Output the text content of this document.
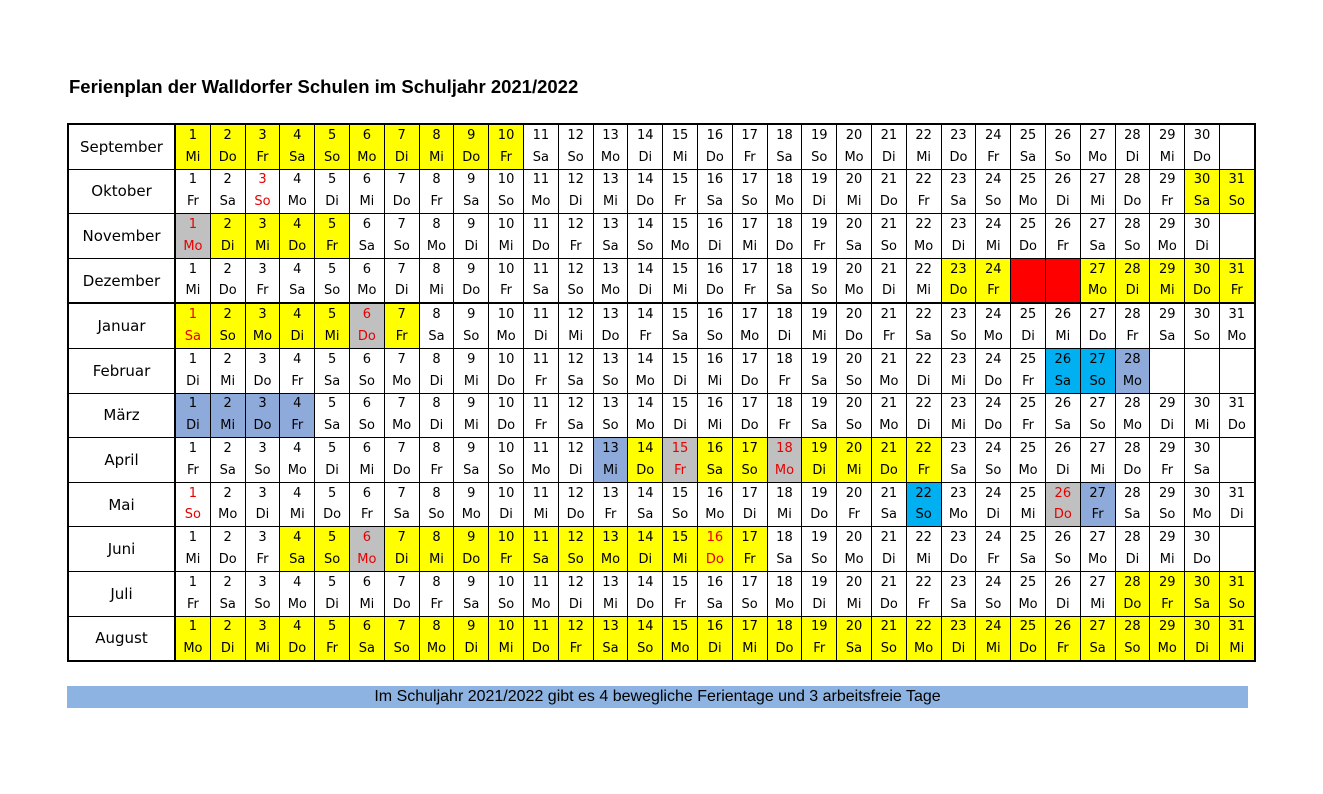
Ferienplan der Walldorfer Schulen im Schuljahr 2021/2022
September	1	2	3	4	5	6	7	8	9	10	11	12	13	14	15	16	17	18	19	20	21	22	23	24	25	26	27	28	29	30	
	Mi	Do	Fr	Sa	So	Mo	Di	Mi	Do	Fr	Sa	So	Mo	Di	Mi	Do	Fr	Sa	So	Mo	Di	Mi	Do	Fr	Sa	So	Mo	Di	Mi	Do	
Oktober	1	2	3	4	5	6	7	8	9	10	11	12	13	14	15	16	17	18	19	20	21	22	23	24	25	26	27	28	29	30	31
	Fr	Sa	So	Mo	Di	Mi	Do	Fr	Sa	So	Mo	Di	Mi	Do	Fr	Sa	So	Mo	Di	Mi	Do	Fr	Sa	So	Mo	Di	Mi	Do	Fr	Sa	So
November	1	2	3	4	5	6	7	8	9	10	11	12	13	14	15	16	17	18	19	20	21	22	23	24	25	26	27	28	29	30	
	Mo	Di	Mi	Do	Fr	Sa	So	Mo	Di	Mi	Do	Fr	Sa	So	Mo	Di	Mi	Do	Fr	Sa	So	Mo	Di	Mi	Do	Fr	Sa	So	Mo	Di	
Dezember	1	2	3	4	5	6	7	8	9	10	11	12	13	14	15	16	17	18	19	20	21	22	23	24			27	28	29	30	31
	Mi	Do	Fr	Sa	So	Mo	Di	Mi	Do	Fr	Sa	So	Mo	Di	Mi	Do	Fr	Sa	So	Mo	Di	Mi	Do	Fr			Mo	Di	Mi	Do	Fr
Januar	1	2	3	4	5	6	7	8	9	10	11	12	13	14	15	16	17	18	19	20	21	22	23	24	25	26	27	28	29	30	31
	Sa	So	Mo	Di	Mi	Do	Fr	Sa	So	Mo	Di	Mi	Do	Fr	Sa	So	Mo	Di	Mi	Do	Fr	Sa	So	Mo	Di	Mi	Do	Fr	Sa	So	Mo
Februar	1	2	3	4	5	6	7	8	9	10	11	12	13	14	15	16	17	18	19	20	21	22	23	24	25	26	27	28			
	Di	Mi	Do	Fr	Sa	So	Mo	Di	Mi	Do	Fr	Sa	So	Mo	Di	Mi	Do	Fr	Sa	So	Mo	Di	Mi	Do	Fr	Sa	So	Mo			
März	1	2	3	4	5	6	7	8	9	10	11	12	13	14	15	16	17	18	19	20	21	22	23	24	25	26	27	28	29	30	31
	Di	Mi	Do	Fr	Sa	So	Mo	Di	Mi	Do	Fr	Sa	So	Mo	Di	Mi	Do	Fr	Sa	So	Mo	Di	Mi	Do	Fr	Sa	So	Mo	Di	Mi	Do
April	1	2	3	4	5	6	7	8	9	10	11	12	13	14	15	16	17	18	19	20	21	22	23	24	25	26	27	28	29	30	
	Fr	Sa	So	Mo	Di	Mi	Do	Fr	Sa	So	Mo	Di	Mi	Do	Fr	Sa	So	Mo	Di	Mi	Do	Fr	Sa	So	Mo	Di	Mi	Do	Fr	Sa	
Mai	1	2	3	4	5	6	7	8	9	10	11	12	13	14	15	16	17	18	19	20	21	22	23	24	25	26	27	28	29	30	31
	So	Mo	Di	Mi	Do	Fr	Sa	So	Mo	Di	Mi	Do	Fr	Sa	So	Mo	Di	Mi	Do	Fr	Sa	So	Mo	Di	Mi	Do	Fr	Sa	So	Mo	Di
Juni	1	2	3	4	5	6	7	8	9	10	11	12	13	14	15	16	17	18	19	20	21	22	23	24	25	26	27	28	29	30	
	Mi	Do	Fr	Sa	So	Mo	Di	Mi	Do	Fr	Sa	So	Mo	Di	Mi	Do	Fr	Sa	So	Mo	Di	Mi	Do	Fr	Sa	So	Mo	Di	Mi	Do	
Juli	1	2	3	4	5	6	7	8	9	10	11	12	13	14	15	16	17	18	19	20	21	22	23	24	25	26	27	28	29	30	31
	Fr	Sa	So	Mo	Di	Mi	Do	Fr	Sa	So	Mo	Di	Mi	Do	Fr	Sa	So	Mo	Di	Mi	Do	Fr	Sa	So	Mo	Di	Mi	Do	Fr	Sa	So
August	1	2	3	4	5	6	7	8	9	10	11	12	13	14	15	16	17	18	19	20	21	22	23	24	25	26	27	28	29	30	31
	Mo	Di	Mi	Do	Fr	Sa	So	Mo	Di	Mi	Do	Fr	Sa	So	Mo	Di	Mi	Do	Fr	Sa	So	Mo	Di	Mi	Do	Fr	Sa	So	Mo	Di	Mi
Im Schuljahr 2021/2022 gibt es 4 bewegliche Ferientage und 3 arbeitsfreie Tage
